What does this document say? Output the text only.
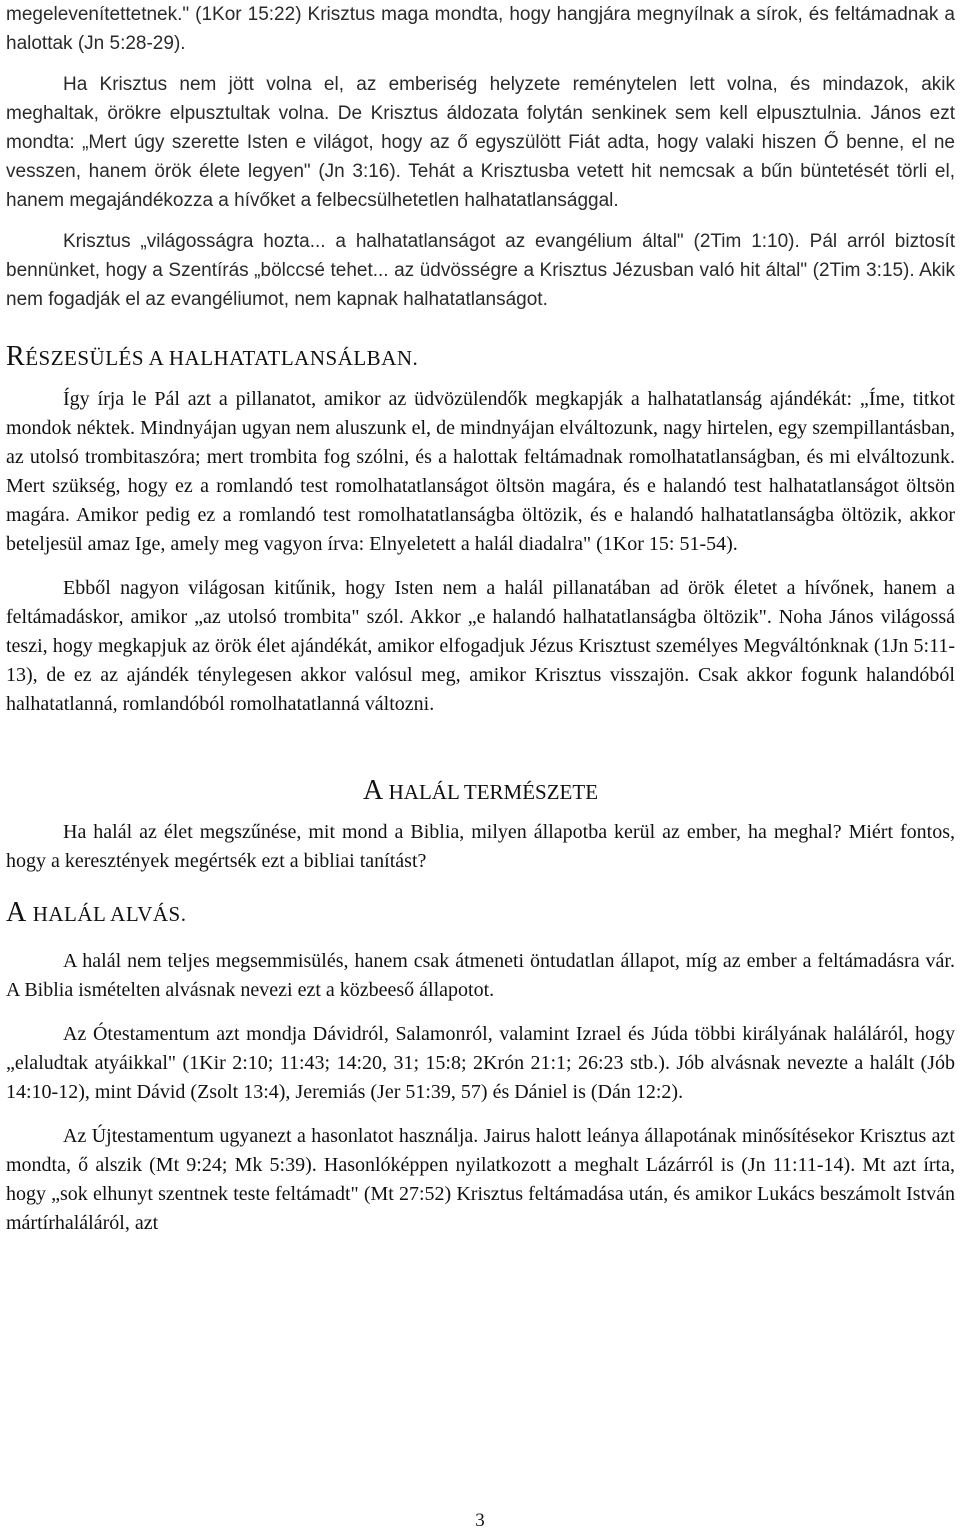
megelevenítettetnek." (1Kor 15:22) Krisztus maga mondta, hogy hangjára megnyílnak a sírok, és feltámadnak a halottak (Jn 5:28-29).

Ha Krisztus nem jött volna el, az emberiség helyzete reménytelen lett volna, és mindazok, akik meghaltak, örökre elpusztultak volna. De Krisztus áldozata folytán senkinek sem kell elpusztulnia. János ezt mondta: „Mert úgy szerette Isten e világot, hogy az ő egyszülött Fiát adta, hogy valaki hiszen Ő benne, el ne vesszen, hanem örök élete legyen" (Jn 3:16). Tehát a Krisztusba vetett hit nemcsak a bűn büntetését törli el, hanem megajándékozza a hívőket a felbecsülhetetlen halhatatlansággal.

Krisztus „világosságra hozta... a halhatatlanságot az evangélium által" (2Tim 1:10). Pál arról biztosít bennünket, hogy a Szentírás „bölccsé tehet... az üdvösségre a Krisztus Jézusban való hit által" (2Tim 3:15). Akik nem fogadják el az evangéliumot, nem kapnak halhatatlanságot.

RÉSZESÜLÉS A HALHATATLANSÁLBAN.

Így írja le Pál azt a pillanatot, amikor az üdvözülendők megkapják a halhatatlanság ajándékát: „Íme, titkot mondok néktek. Mindnyájan ugyan nem aluszunk el, de mindnyájan elváltozunk, nagy hirtelen, egy szempillantásban, az utolsó trombitaszóra; mert trombita fog szólni, és a halottak feltámadnak romolhatatlanságban, és mi elváltozunk. Mert szükség, hogy ez a romlandó test romolhatatlanságot öltsön magára, és e halandó test halhatatlanságot öltsön magára. Amikor pedig ez a romlandó test romolhatatlanságba öltözik, és e halandó halhatatlanságba öltözik, akkor beteljesül amaz Ige, amely meg vagyon írva: Elnyeletett a halál diadalra" (1Kor 15: 51-54).

Ebből nagyon világosan kitűnik, hogy Isten nem a halál pillanatában ad örök életet a hívőnek, hanem a feltámadáskor, amikor „az utolsó trombita" szól. Akkor „e halandó halhatatlanságba öltözik". Noha János világossá teszi, hogy megkapjuk az örök élet ajándékát, amikor elfogadjuk Jézus Krisztust személyes Megváltónknak (1Jn 5:11-13), de ez az ajándék ténylegesen akkor valósul meg, amikor Krisztus visszajön. Csak akkor fogunk halandóból halhatatlanná, romlandóból romolhatatlanná változni.

A HALÁL TERMÉSZETE

Ha halál az élet megszűnése, mit mond a Biblia, milyen állapotba kerül az ember, ha meghal? Miért fontos, hogy a keresztények megértsék ezt a bibliai tanítást?

A HALÁL ALVÁS.

A halál nem teljes megsemmisülés, hanem csak átmeneti öntudatlan állapot, míg az ember a feltámadásra vár. A Biblia ismételten alvásnak nevezi ezt a közbeeső állapotot.

Az Ótestamentum azt mondja Dávidról, Salamonról, valamint Izrael és Júda többi királyának haláláról, hogy „elaludtak atyáikkal" (1Kir 2:10; 11:43; 14:20, 31; 15:8; 2Krón 21:1; 26:23 stb.). Jób alvásnak nevezte a halált (Jób 14:10-12), mint Dávid (Zsolt 13:4), Jeremiás (Jer 51:39, 57) és Dániel is (Dán 12:2).

Az Újtestamentum ugyanezt a hasonlatot használja. Jairus halott leánya állapotának minősítésekor Krisztus azt mondta, ő alszik (Mt 9:24; Mk 5:39). Hasonlóképpen nyilatkozott a meghalt Lázárról is (Jn 11:11-14). Mt azt írta, hogy „sok elhunyt szentnek teste feltámadt" (Mt 27:52) Krisztus feltámadása után, és amikor Lukács beszámolt István mártírhaláláról, azt

3
